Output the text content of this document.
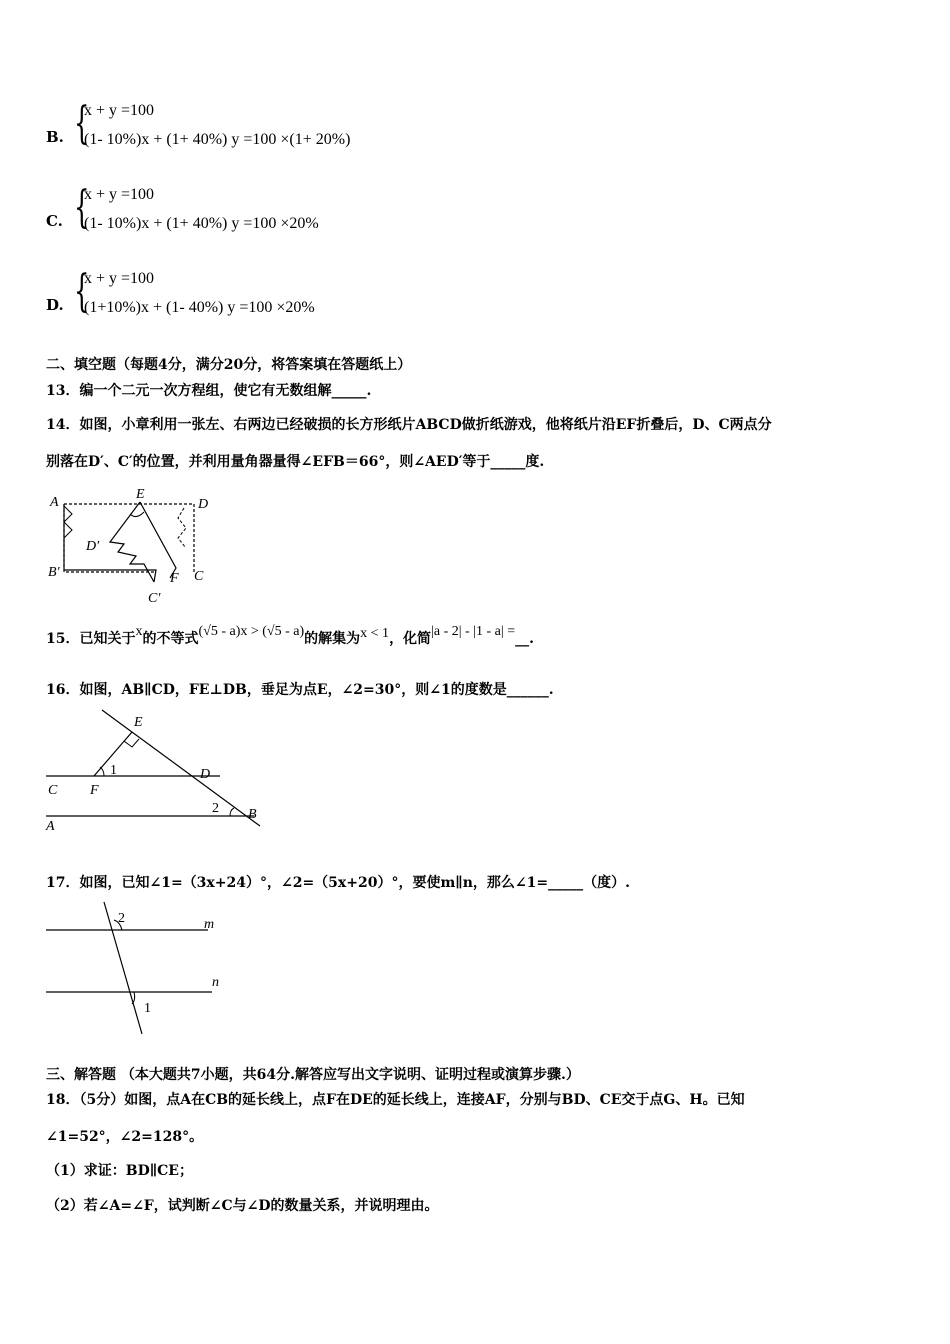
B. {
x + y =100
(1- 10%)x + (1+ 40%) y =100 ×(1+ 20%)
C. {
x + y =100
(1- 10%)x + (1+ 40%) y =100 ×20%
D. {
x + y =100
(1+10%)x + (1- 40%) y =100 ×20%
二、填空题（每题4分，满分20分，将答案填在答题纸上）
13．编一个二元一次方程组，使它有无数组解_____.
14．如图，小章利用一张左、右两边已经破损的长方形纸片ABCD做折纸游戏，他将纸片沿EF折叠后，D、C两点分
别落在D′、C′的位置，并利用量角器量得∠EFB＝66°，则∠AED′等于_____度.
A
B′
E
D
D′
F C
C′
15．已知关于x的不等式(√5 - a)x > (√5 - a)的解集为x < 1，化简|a - 2| - |1 - a| =__.
16．如图，AB∥CD，FE⊥DB，垂足为点E，∠2=30°，则∠1的度数是______.
E
1	D
C F
2 B
A
17．如图，已知∠1=（3x+24）°，∠2=（5x+20）°，要使m∥n，那么∠1=_____（度）.
2	m
n
1
三、解答题 （本大题共7小题，共64分.解答应写出文字说明、证明过程或演算步骤.）
18．（5分）如图，点A在CB的延长线上，点F在DE的延长线上，连接AF，分别与BD、CE交于点G、H。已知
∠1=52°，∠2=128°。
（1）求证：BD∥CE；
（2）若∠A=∠F，试判断∠C与∠D的数量关系，并说明理由。
